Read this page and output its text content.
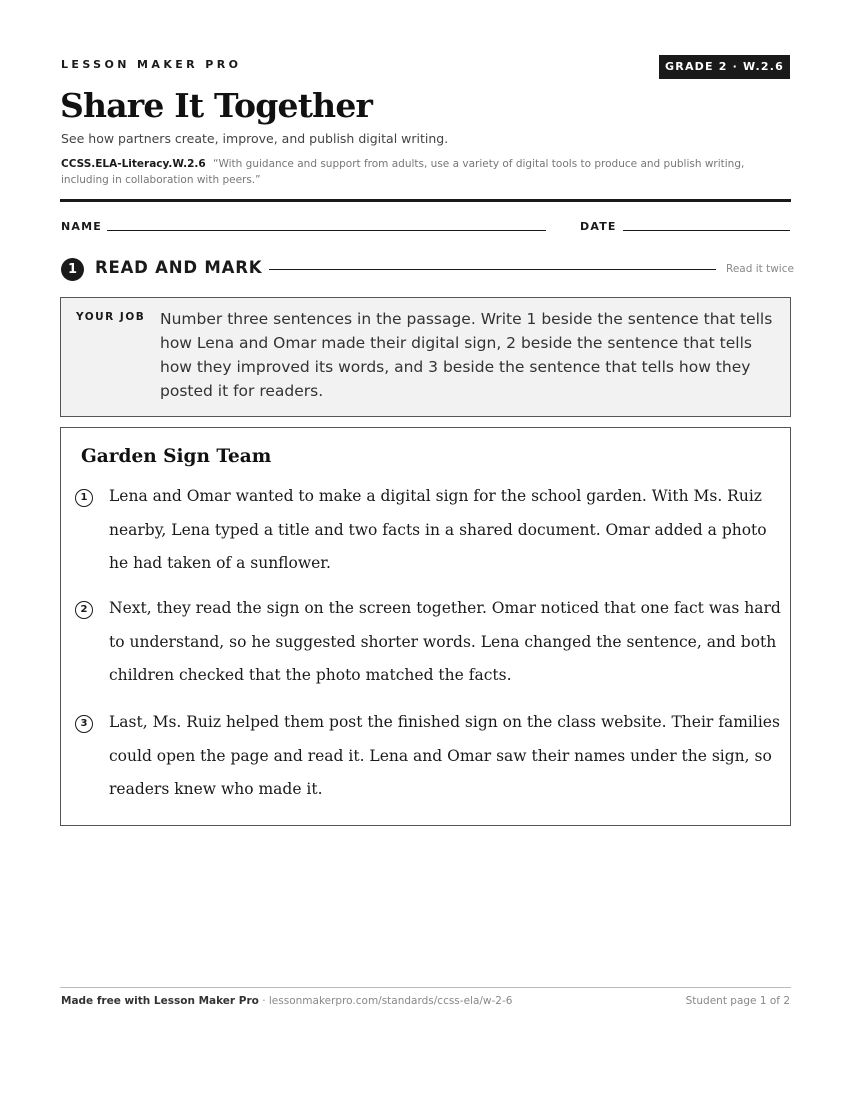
LESSON MAKER PRO	GRADE 2 · W.2.6
Share It Together
See how partners create, improve, and publish digital writing.
CCSS.ELA-Literacy.W.2.6 “With guidance and support from adults, use a variety of digital tools to produce and publish writing, including in collaboration with peers.”
NAME	DATE
1	READ AND MARK	Read it twice
YOUR JOB Number three sentences in the passage. Write 1 beside the sentence that tells how Lena and Omar made their digital sign, 2 beside the sentence that tells how they improved its words, and 3 beside the sentence that tells how they posted it for readers.
Garden Sign Team
1	Lena and Omar wanted to make a digital sign for the school garden. With Ms. Ruiz nearby, Lena typed a title and two facts in a shared document. Omar added a photo he had taken of a sunflower.
2	Next, they read the sign on the screen together. Omar noticed that one fact was hard to understand, so he suggested shorter words. Lena changed the sentence, and both children checked that the photo matched the facts.
3	Last, Ms. Ruiz helped them post the finished sign on the class website. Their families could open the page and read it. Lena and Omar saw their names under the sign, so readers knew who made it.
Made free with Lesson Maker Pro · lessonmakerpro.com/standards/ccss-ela/w-2-6	Student page 1 of 2
